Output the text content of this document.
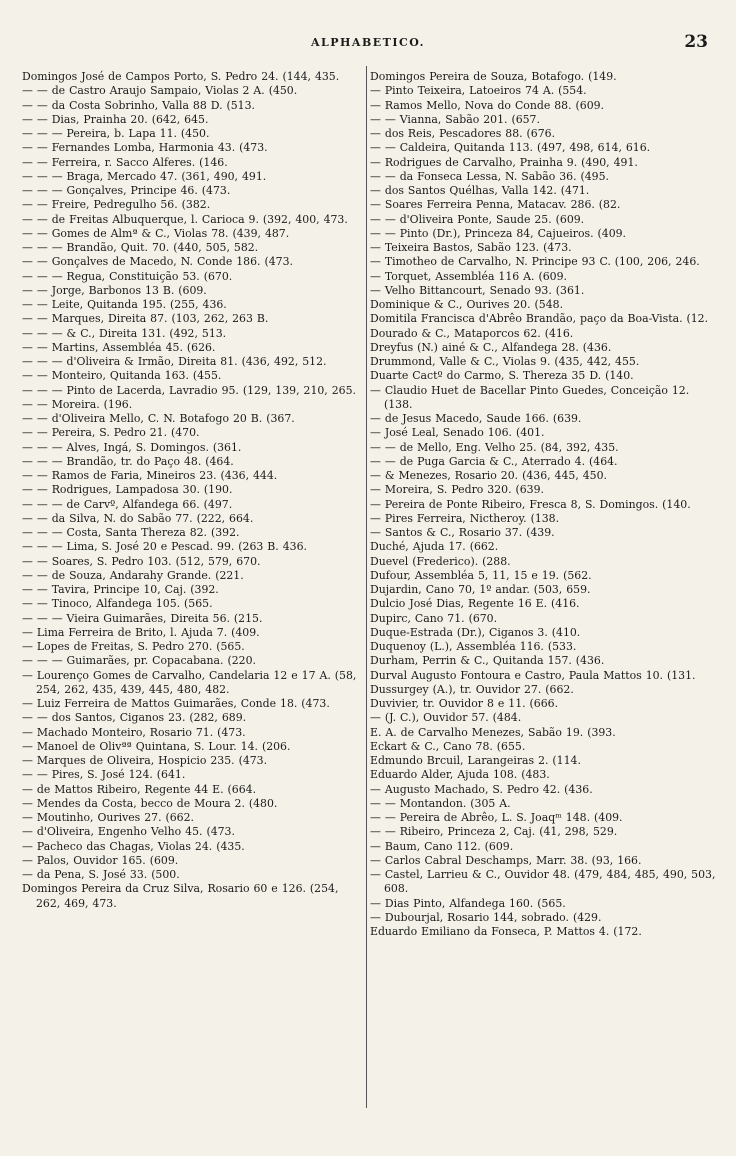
ALPHABETICO.	23
Domingos José de Campos Porto, S. Pedro 24. (144, 435.
— — de Castro Araujo Sampaio, Violas 2 A. (450.
— — da Costa Sobrinho, Valla 88 D. (513.
— — Dias, Prainha 20. (642, 645.
— — — Pereira, b. Lapa 11. (450.
— — Fernandes Lomba, Harmonia 43. (473.
— — Ferreira, r. Sacco Alferes. (146.
— — — Braga, Mercado 47. (361, 490, 491.
— — — Gonçalves, Principe 46. (473.
— — Freire, Pedregulho 56. (382.
— — de Freitas Albuquerque, l. Carioca 9. (392, 400, 473.
— — Gomes de Almª & C., Violas 78. (439, 487.
— — — Brandão, Quit. 70. (440, 505, 582.
— — Gonçalves de Macedo, N. Conde 186. (473.
— — — Regua, Constituição 53. (670.
— — Jorge, Barbonos 13 B. (609.
— — Leite, Quitanda 195. (255, 436.
— — Marques, Direita 87. (103, 262, 263 B.
— — — & C., Direita 131. (492, 513.
— — Martins, Assembléa 45. (626.
— — — d'Oliveira & Irmão, Direita 81. (436, 492, 512.
— — Monteiro, Quitanda 163. (455.
— — — Pinto de Lacerda, Lavradio 95. (129, 139, 210, 265.
— — Moreira. (196.
— — d'Oliveira Mello, C. N. Botafogo 20 B. (367.
— — Pereira, S. Pedro 21. (470.
— — — Alves, Ingá, S. Domingos. (361.
— — — Brandão, tr. do Paço 48. (464.
— — Ramos de Faria, Mineiros 23. (436, 444.
— — Rodrigues, Lampadosa 30. (190.
— — — de Carvº, Alfandega 66. (497.
— — da Silva, N. do Sabão 77. (222, 664.
— — — Costa, Santa Thereza 82. (392.
— — — Lima, S. José 20 e Pescad. 99. (263 B. 436.
— — Soares, S. Pedro 103. (512, 579, 670.
— — de Souza, Andarahy Grande. (221.
— — Tavira, Principe 10, Caj. (392.
— — Tinoco, Alfandega 105. (565.
— — — Vieira Guimarães, Direita 56. (215.
— Lima Ferreira de Brito, l. Ajuda 7. (409.
— Lopes de Freitas, S. Pedro 270. (565.
— — — Guimarães, pr. Copacabana. (220.
— Lourenço Gomes de Carvalho, Candelaria 12 e 17 A. (58, 254, 262, 435, 439, 445, 480, 482.
— Luiz Ferreira de Mattos Guimarães, Conde 18. (473.
— — dos Santos, Ciganos 23. (282, 689.
— Machado Monteiro, Rosario 71. (473.
— Manoel de Olivªª Quintana, S. Lour. 14. (206.
— Marques de Oliveira, Hospicio 235. (473.
— — Pires, S. José 124. (641.
— de Mattos Ribeiro, Regente 44 E. (664.
— Mendes da Costa, becco de Moura 2. (480.
— Moutinho, Ourives 27. (662.
— d'Oliveira, Engenho Velho 45. (473.
— Pacheco das Chagas, Violas 24. (435.
— Palos, Ouvidor 165. (609.
— da Pena, S. José 33. (500.
Domingos Pereira da Cruz Silva, Rosario 60 e 126. (254, 262, 469, 473.
Domingos Pereira de Souza, Botafogo. (149.
— Pinto Teixeira, Latoeiros 74 A. (554.
— Ramos Mello, Nova do Conde 88. (609.
— — Vianna, Sabão 201. (657.
— dos Reis, Pescadores 88. (676.
— — Caldeira, Quitanda 113. (497, 498, 614, 616.
— Rodrigues de Carvalho, Prainha 9. (490, 491.
— — da Fonseca Lessa, N. Sabão 36. (495.
— dos Santos Quélhas, Valla 142. (471.
— Soares Ferreira Penna, Matacav. 286. (82.
— — d'Oliveira Ponte, Saude 25. (609.
— — Pinto (Dr.), Princeza 84, Cajueiros. (409.
— Teixeira Bastos, Sabão 123. (473.
— Timotheo de Carvalho, N. Principe 93 C. (100, 206, 246.
— Torquet, Assembléa 116 A. (609.
— Velho Bittancourt, Senado 93. (361.
Dominique & C., Ourives 20. (548.
Domitila Francisca d'Abrêo Brandão, paço da Boa-Vista. (12.
Dourado & C., Mataporcos 62. (416.
Dreyfus (N.) ainé & C., Alfandega 28. (436.
Drummond, Valle & C., Violas 9. (435, 442, 455.
Duarte Cactº do Carmo, S. Thereza 35 D. (140.
— Claudio Huet de Bacellar Pinto Guedes, Conceição 12. (138.
— de Jesus Macedo, Saude 166. (639.
— José Leal, Senado 106. (401.
— — de Mello, Eng. Velho 25. (84, 392, 435.
— — de Puga Garcia & C., Aterrado 4. (464.
— & Menezes, Rosario 20. (436, 445, 450.
— Moreira, S. Pedro 320. (639.
— Pereira de Ponte Ribeiro, Fresca 8, S. Domingos. (140.
— Pires Ferreira, Nictheroy. (138.
— Santos & C., Rosario 37. (439.
Duché, Ajuda 17. (662.
Duevel (Frederico). (288.
Dufour, Assembléa 5, 11, 15 e 19. (562.
Dujardin, Cano 70, 1º andar. (503, 659.
Dulcio José Dias, Regente 16 E. (416.
Dupirc, Cano 71. (670.
Duque-Estrada (Dr.), Ciganos 3. (410.
Duquenoy (L.), Assembléa 116. (533.
Durham, Perrin & C., Quitanda 157. (436.
Durval Augusto Fontoura e Castro, Paula Mattos 10. (131.
Dussurgey (A.), tr. Ouvidor 27. (662.
Duvivier, tr. Ouvidor 8 e 11. (666.
— (J. C.), Ouvidor 57. (484.
E. A. de Carvalho Menezes, Sabão 19. (393.
Eckart & C., Cano 78. (655.
Edmundo Brcuil, Larangeiras 2. (114.
Eduardo Alder, Ajuda 108. (483.
— Augusto Machado, S. Pedro 42. (436.
— — Montandon. (305 A.
— — Pereira de Abrêo, L. S. Joaqᵐ 148. (409.
— — Ribeiro, Princeza 2, Caj. (41, 298, 529.
— Baum, Cano 112. (609.
— Carlos Cabral Deschamps, Marr. 38. (93, 166.
— Castel, Larrieu & C., Ouvidor 48. (479, 484, 485, 490, 503, 608.
— Dias Pinto, Alfandega 160. (565.
— Dubourjal, Rosario 144, sobrado. (429.
Eduardo Emiliano da Fonseca, P. Mattos 4. (172.
